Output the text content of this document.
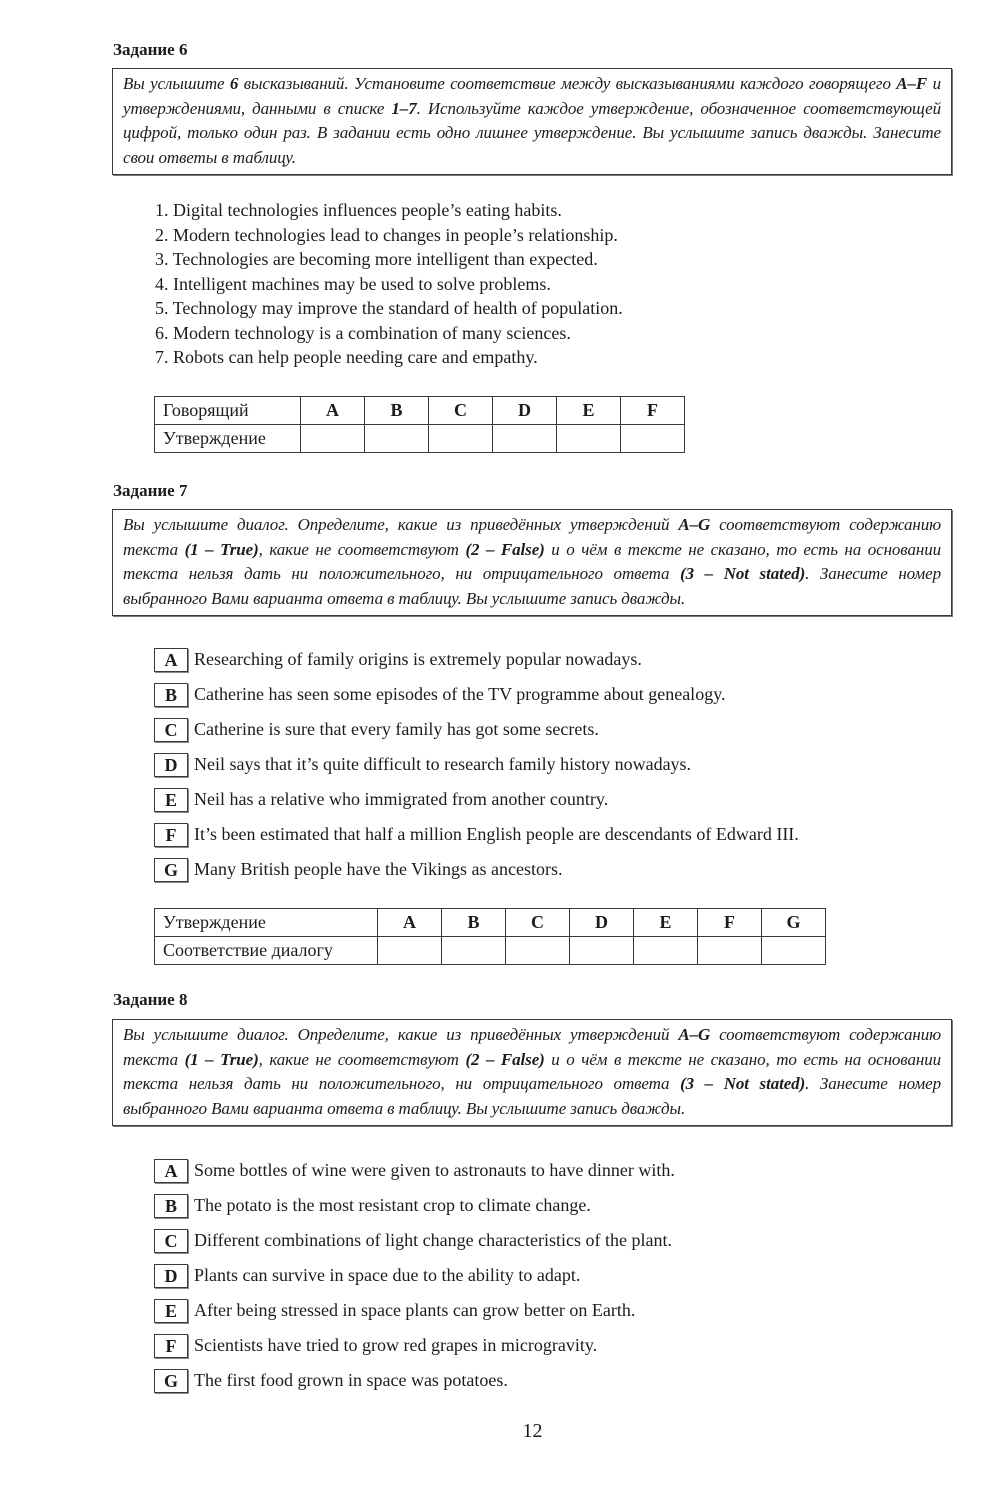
Задание 6
Вы услышите 6 высказываний. Установите соответствие между высказываниями каждого говорящего A–F и утверждениями, данными в списке 1–7. Используйте каждое утверждение, обозначенное соответствующей цифрой, только один раз. В задании есть одно лишнее утверждение. Вы услышите запись дважды. Занесите свои ответы в таблицу.
1. Digital technologies influences people’s eating habits.
2. Modern technologies lead to changes in people’s relationship.
3. Technologies are becoming more intelligent than expected.
4. Intelligent machines may be used to solve problems.
5. Technology may improve the standard of health of population.
6. Modern technology is a combination of many sciences.
7. Robots can help people needing care and empathy.
Говорящий	A	B	C	D	E	F
Утверждение						
Задание 7
Вы услышите диалог. Определите, какие из приведённых утверждений A–G соответствуют содержанию текста (1 – True), какие не соответствуют (2 – False) и о чём в тексте не сказано, то есть на основании текста нельзя дать ни положительного, ни отрицательного ответа (3 – Not stated). Занесите номер выбранного Вами варианта ответа в таблицу. Вы услышите запись дважды.
A Researching of family origins is extremely popular nowadays.
B Catherine has seen some episodes of the TV programme about genealogy.
C Catherine is sure that every family has got some secrets.
D Neil says that it’s quite difficult to research family history nowadays.
E Neil has a relative who immigrated from another country.
F It’s been estimated that half a million English people are descendants of Edward III.
G Many British people have the Vikings as ancestors.
Утверждение	A	B	C	D	E	F	G
Соответствие диалогу							
Задание 8
Вы услышите диалог. Определите, какие из приведённых утверждений A–G соответствуют содержанию текста (1 – True), какие не соответствуют (2 – False) и о чём в тексте не сказано, то есть на основании текста нельзя дать ни положительного, ни отрицательного ответа (3 – Not stated). Занесите номер выбранного Вами варианта ответа в таблицу. Вы услышите запись дважды.
A Some bottles of wine were given to astronauts to have dinner with.
B The potato is the most resistant crop to climate change.
C Different combinations of light change characteristics of the plant.
D Plants can survive in space due to the ability to adapt.
E After being stressed in space plants can grow better on Earth.
F Scientists have tried to grow red grapes in microgravity.
G The first food grown in space was potatoes.
12
